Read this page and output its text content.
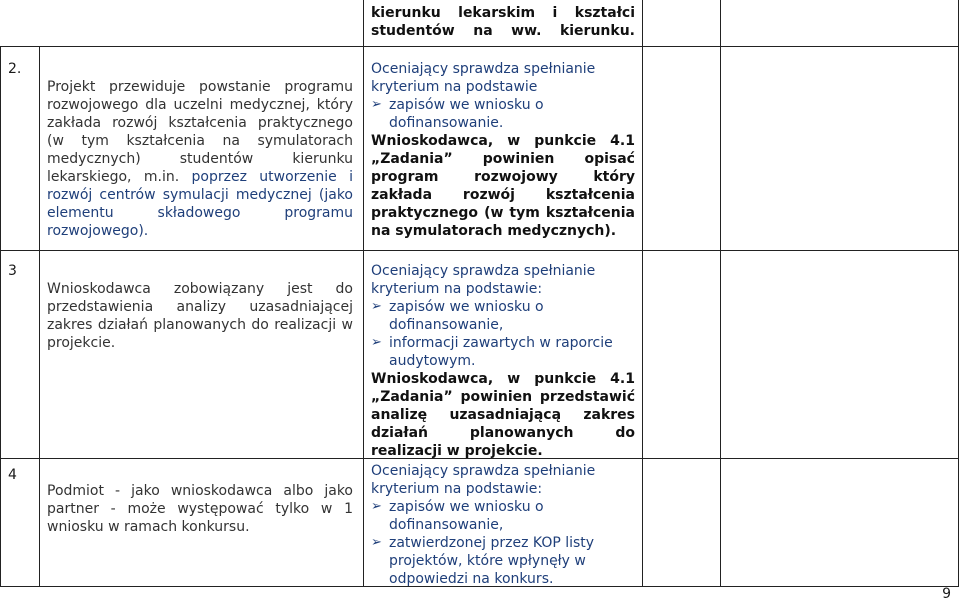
kierunku lekarskim i kształci studentów na ww. kierunku.
2.
Projekt przewiduje powstanie programu rozwojowego dla uczelni medycznej, który zakłada rozwój kształcenia praktycznego (w tym kształcenia na symulatorach medycznych) studentów kierunku lekarskiego, m.in. poprzez utworzenie i rozwój centrów symulacji medycznej (jako elementu składowego programu rozwojowego).
Oceniający sprawdza spełnianie kryterium na podstawie
➢ zapisów we wniosku o dofinansowanie.
Wnioskodawca, w punkcie 4.1 „Zadania” powinien opisać program rozwojowy który zakłada rozwój kształcenia praktycznego (w tym kształcenia na symulatorach medycznych).
3
Wnioskodawca zobowiązany jest do przedstawienia analizy uzasadniającej zakres działań planowanych do realizacji w projekcie.
Oceniający sprawdza spełnianie kryterium na podstawie:
➢ zapisów we wniosku o dofinansowanie,
➢ informacji zawartych w raporcie audytowym.
Wnioskodawca, w punkcie 4.1 „Zadania” powinien przedstawić analizę uzasadniającą zakres działań planowanych do realizacji w projekcie.
4
Podmiot - jako wnioskodawca albo jako partner - może występować tylko w 1 wniosku w ramach konkursu.
Oceniający sprawdza spełnianie kryterium na podstawie:
➢ zapisów we wniosku o dofinansowanie,
➢ zatwierdzonej przez KOP listy projektów, które wpłynęły w odpowiedzi na konkurs.
9
